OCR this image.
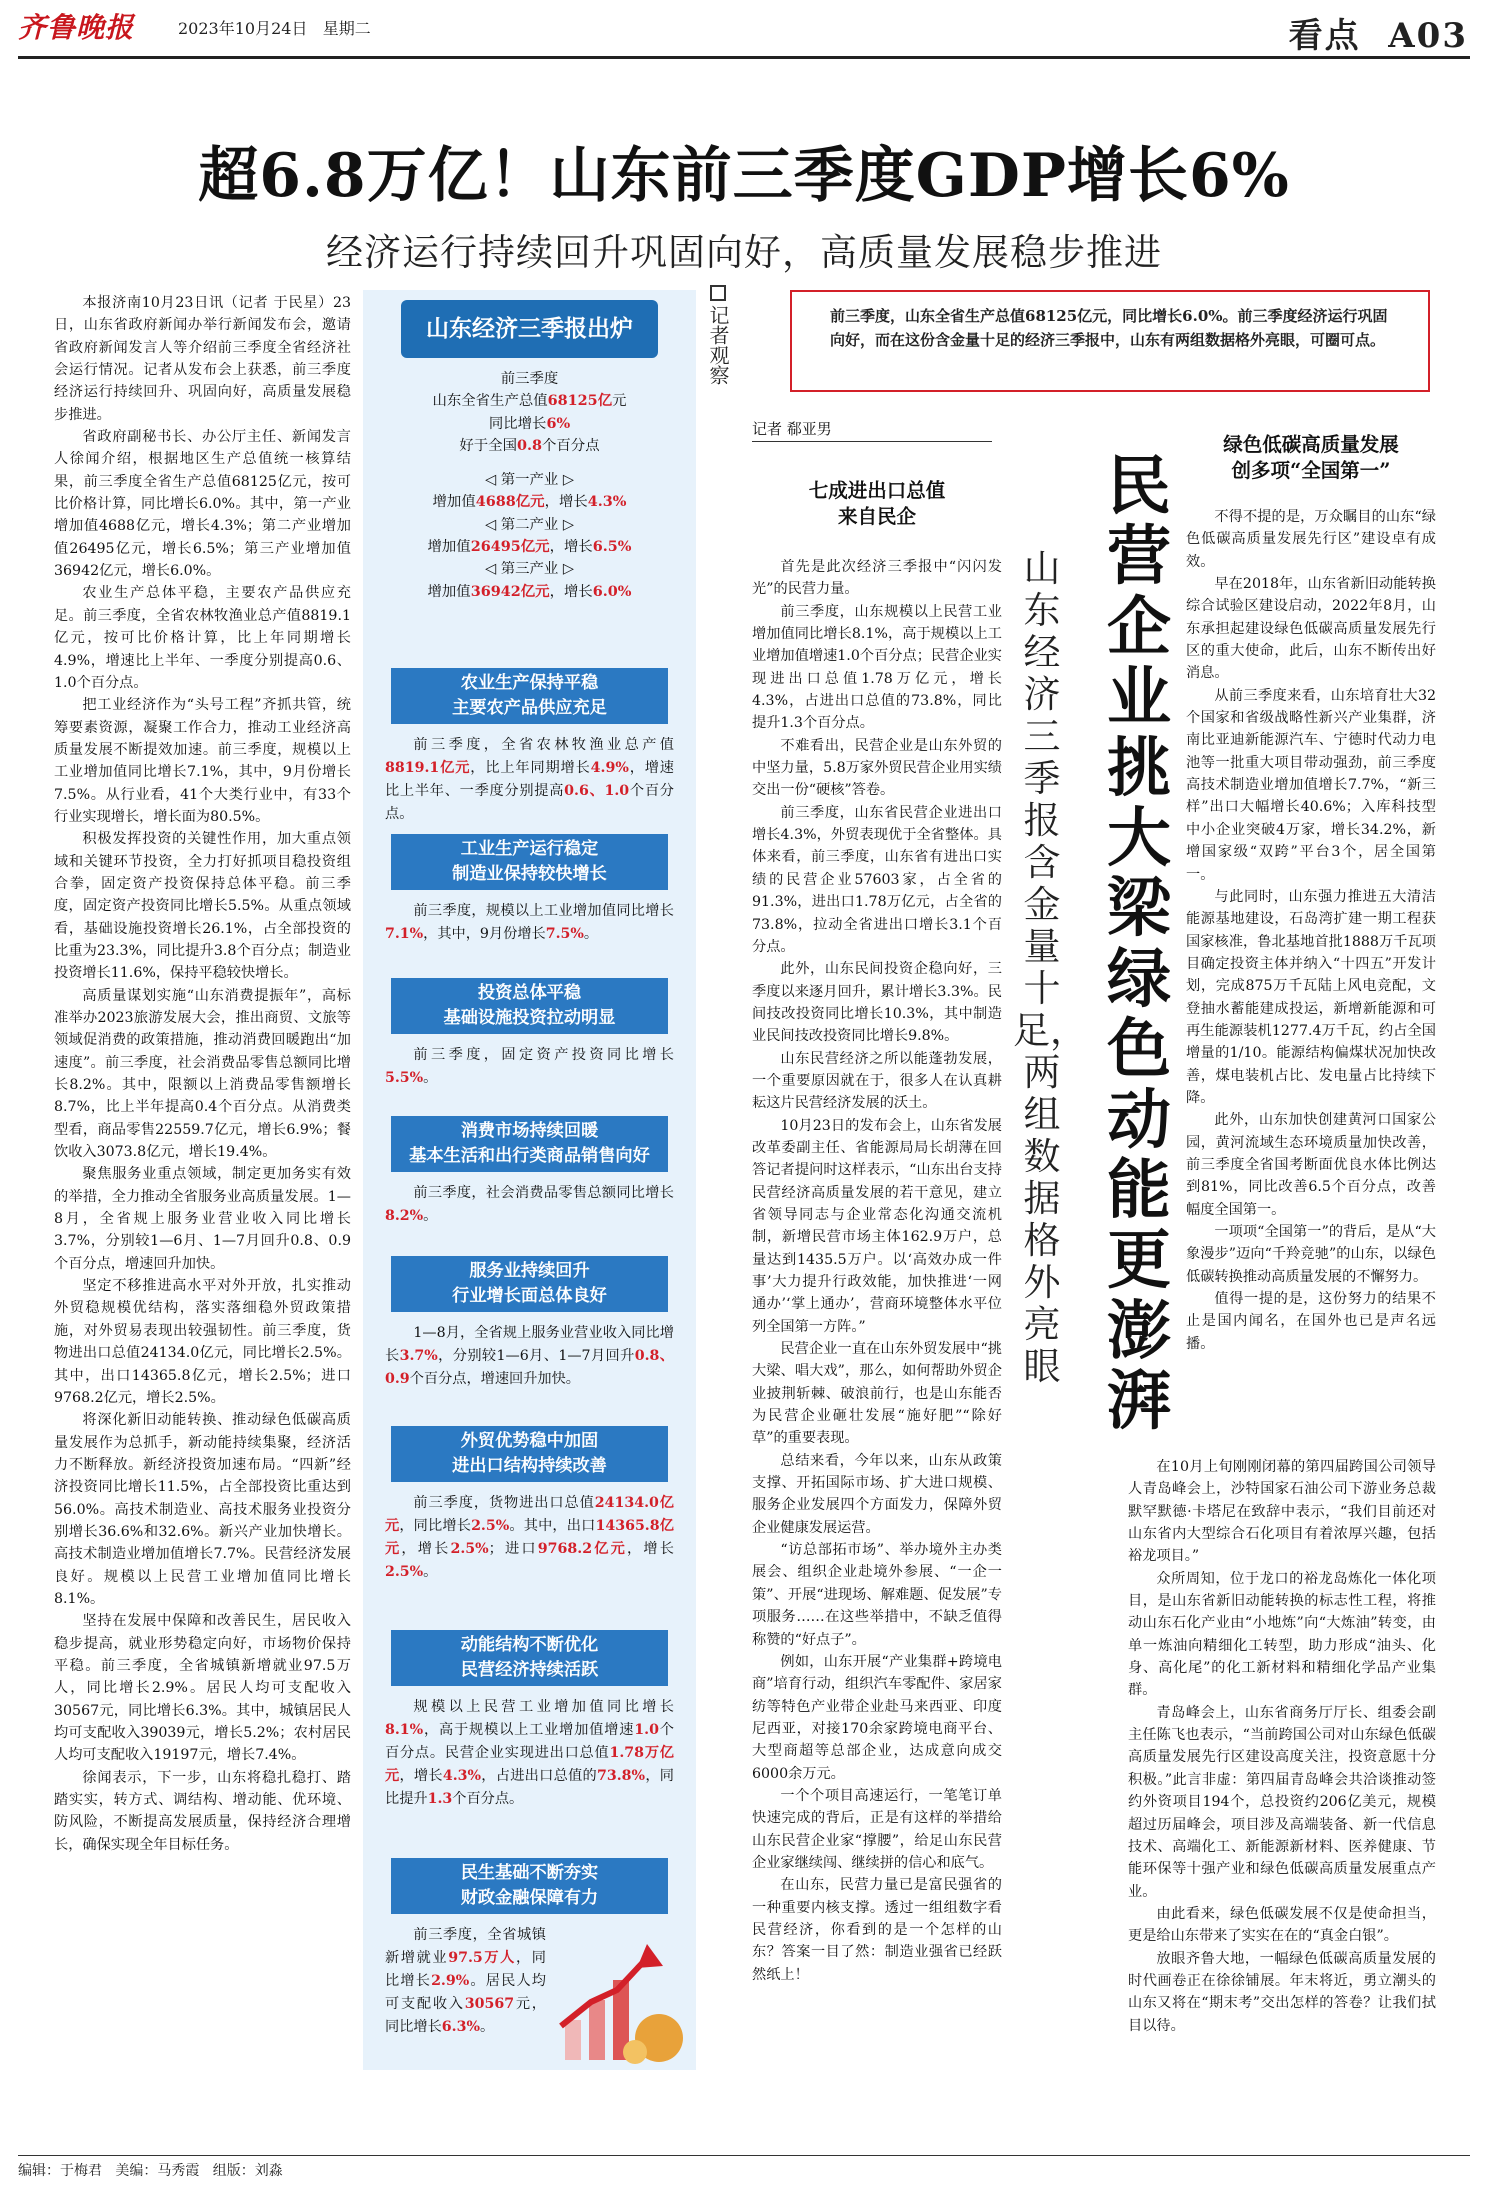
齐鲁晚报	2023年10月24日 星期二	看点 A03
超6.8万亿！山东前三季度GDP增长6%
经济运行持续回升巩固向好，高质量发展稳步推进

本报济南10月23日讯（记者 于民星）23日，山东省政府新闻办举行新闻发布会，邀请省政府新闻发言人等介绍前三季度全省经济社会运行情况。记者从发布会上获悉，前三季度经济运行持续回升、巩固向好，高质量发展稳步推进。

省政府副秘书长、办公厅主任、新闻发言人徐闻介绍，根据地区生产总值统一核算结果，前三季度全省生产总值68125亿元，按可比价格计算，同比增长6.0%。其中，第一产业增加值4688亿元，增长4.3%；第二产业增加值26495亿元，增长6.5%；第三产业增加值36942亿元，增长6.0%。

农业生产总体平稳，主要农产品供应充足。前三季度，全省农林牧渔业总产值8819.1亿元，按可比价格计算，比上年同期增长4.9%，增速比上半年、一季度分别提高0.6、1.0个百分点。

把工业经济作为“头号工程”齐抓共管，统筹要素资源，凝聚工作合力，推动工业经济高质量发展不断提效加速。前三季度，规模以上工业增加值同比增长7.1%，其中，9月份增长7.5%。从行业看，41个大类行业中，有33个行业实现增长，增长面为80.5%。

积极发挥投资的关键性作用，加大重点领域和关键环节投资，全力打好抓项目稳投资组合拳，固定资产投资保持总体平稳。前三季度，固定资产投资同比增长5.5%。从重点领域看，基础设施投资增长26.1%，占全部投资的比重为23.3%，同比提升3.8个百分点；制造业投资增长11.6%，保持平稳较快增长。

高质量谋划实施“山东消费提振年”，高标准举办2023旅游发展大会，推出商贸、文旅等领域促消费的政策措施，推动消费回暖跑出“加速度”。前三季度，社会消费品零售总额同比增长8.2%。其中，限额以上消费品零售额增长8.7%，比上半年提高0.4个百分点。从消费类型看，商品零售22559.7亿元，增长6.9%；餐饮收入3073.8亿元，增长19.4%。

聚焦服务业重点领域，制定更加务实有效的举措，全力推动全省服务业高质量发展。1—8月，全省规上服务业营业收入同比增长3.7%，分别较1—6月、1—7月回升0.8、0.9个百分点，增速回升加快。

坚定不移推进高水平对外开放，扎实推动外贸稳规模优结构，落实落细稳外贸政策措施，对外贸易表现出较强韧性。前三季度，货物进出口总值24134.0亿元，同比增长2.5%。其中，出口14365.8亿元，增长2.5%；进口9768.2亿元，增长2.5%。

将深化新旧动能转换、推动绿色低碳高质量发展作为总抓手，新动能持续集聚，经济活力不断释放。新经济投资加速布局。“四新”经济投资同比增长11.5%，占全部投资比重达到56.0%。高技术制造业、高技术服务业投资分别增长36.6%和32.6%。新兴产业加快增长。高技术制造业增加值增长7.7%。民营经济发展良好。规模以上民营工业增加值同比增长8.1%。

坚持在发展中保障和改善民生，居民收入稳步提高，就业形势稳定向好，市场物价保持平稳。前三季度，全省城镇新增就业97.5万人，同比增长2.9%。居民人均可支配收入30567元，同比增长6.3%。其中，城镇居民人均可支配收入39039元，增长5.2%；农村居民人均可支配收入19197元，增长7.4%。

徐闻表示，下一步，山东将稳扎稳打、踏踏实实，转方式、调结构、增动能、优环境、防风险，不断提高发展质量，保持经济合理增长，确保实现全年目标任务。

山东经济三季报出炉
前三季度
山东全省生产总值68125亿元
同比增长6%
好于全国0.8个百分点
◁ 第一产业 ▷
增加值4688亿元，增长4.3%
◁ 第二产业 ▷
增加值26495亿元，增长6.5%
◁ 第三产业 ▷
增加值36942亿元，增长6.0%
农业生产保持平稳
主要农产品供应充足
前三季度，全省农林牧渔业总产值8819.1亿元，比上年同期增长4.9%，增速比上半年、一季度分别提高0.6、1.0个百分点。
工业生产运行稳定
制造业保持较快增长
前三季度，规模以上工业增加值同比增长7.1%，其中，9月份增长7.5%。
投资总体平稳
基础设施投资拉动明显
前三季度，固定资产投资同比增长5.5%。
消费市场持续回暖
基本生活和出行类商品销售向好
前三季度，社会消费品零售总额同比增长8.2%。
服务业持续回升
行业增长面总体良好
1—8月，全省规上服务业营业收入同比增长3.7%，分别较1—6月、1—7月回升0.8、0.9个百分点，增速回升加快。
外贸优势稳中加固
进出口结构持续改善
前三季度，货物进出口总值24134.0亿元，同比增长2.5%。其中，出口14365.8亿元，增长2.5%；进口9768.2亿元，增长2.5%。
动能结构不断优化
民营经济持续活跃
规模以上民营工业增加值同比增长8.1%，高于规模以上工业增加值增速1.0个百分点。民营企业实现进出口总值1.78万亿元，增长4.3%，占进出口总值的73.8%，同比提升1.3个百分点。
民生基础不断夯实
财政金融保障有力
前三季度，全省城镇新增就业97.5万人，同比增长2.9%。居民人均可支配收入30567元，同比增长6.3%。
记者观察	前三季度，山东全省生产总值68125亿元，同比增长6.0%。前三季度经济运行巩固向好，而在这份含金量十足的经济三季报中，山东有两组数据格外亮眼，可圈可点。
记者 郗亚男
七成进出口总值
来自民企

首先是此次经济三季报中“闪闪发光”的民营力量。

前三季度，山东规模以上民营工业增加值同比增长8.1%，高于规模以上工业增加值增速1.0个百分点；民营企业实现进出口总值1.78万亿元，增长4.3%，占进出口总值的73.8%，同比提升1.3个百分点。

不难看出，民营企业是山东外贸的中坚力量，5.8万家外贸民营企业用实绩交出一份“硬核”答卷。

前三季度，山东省民营企业进出口增长4.3%，外贸表现优于全省整体。具体来看，前三季度，山东省有进出口实绩的民营企业57603家，占全省的91.3%，进出口1.78万亿元，占全省的73.8%，拉动全省进出口增长3.1个百分点。

此外，山东民间投资企稳向好，三季度以来逐月回升，累计增长3.3%。民间技改投资同比增长10.3%，其中制造业民间技改投资同比增长9.8%。

山东民营经济之所以能蓬勃发展，一个重要原因就在于，很多人在认真耕耘这片民营经济发展的沃土。

10月23日的发布会上，山东省发展改革委副主任、省能源局局长胡薄在回答记者提问时这样表示，“山东出台支持民营经济高质量发展的若干意见，建立省领导同志与企业常态化沟通交流机制，新增民营市场主体162.9万户，总量达到1435.5万户。以‘高效办成一件事’大力提升行政效能，加快推进‘一网通办’‘掌上通办’，营商环境整体水平位列全国第一方阵。”

民营企业一直在山东外贸发展中“挑大梁、唱大戏”，那么，如何帮助外贸企业披荆斩棘、破浪前行，也是山东能否为民营企业砸壮发展“施好肥”“除好草”的重要表现。

总结来看，今年以来，山东从政策支撑、开拓国际市场、扩大进口规模、服务企业发展四个方面发力，保障外贸企业健康发展运营。

“访总部拓市场”、举办境外主办类展会、组织企业赴境外参展、“一企一策”、开展“进现场、解难题、促发展”专项服务……在这些举措中，不缺乏值得称赞的“好点子”。

例如，山东开展“产业集群+跨境电商”培育行动，组织汽车零配件、家居家纺等特色产业带企业赴马来西亚、印度尼西亚，对接170余家跨境电商平台、大型商超等总部企业，达成意向成交6000余万元。

一个个项目高速运行，一笔笔订单快速完成的背后，正是有这样的举措给山东民营企业家“撑腰”，给足山东民营企业家继续闯、继续拼的信心和底气。

在山东，民营力量已是富民强省的一种重要内核支撑。透过一组组数字看民营经济，你看到的是一个怎样的山东？答案一目了然：制造业强省已经跃然纸上！

山东经济三季报含金量十足，两组数据格外亮眼
民营企业挑大梁 绿色动能更澎湃
绿色低碳高质量发展
创多项“全国第一”

不得不提的是，万众瞩目的山东“绿色低碳高质量发展先行区”建设卓有成效。

早在2018年，山东省新旧动能转换综合试验区建设启动，2022年8月，山东承担起建设绿色低碳高质量发展先行区的重大使命，此后，山东不断传出好消息。

从前三季度来看，山东培育壮大32个国家和省级战略性新兴产业集群，济南比亚迪新能源汽车、宁德时代动力电池等一批重大项目带动强劲，前三季度高技术制造业增加值增长7.7%，“新三样”出口大幅增长40.6%；入库科技型中小企业突破4万家，增长34.2%，新增国家级“双跨”平台3个，居全国第一。

与此同时，山东强力推进五大清洁能源基地建设，石岛湾扩建一期工程获国家核准，鲁北基地首批1888万千瓦项目确定投资主体并纳入“十四五”开发计划，完成875万千瓦陆上风电竞配，文登抽水蓄能建成投运，新增新能源和可再生能源装机1277.4万千瓦，约占全国增量的1/10。能源结构偏煤状况加快改善，煤电装机占比、发电量占比持续下降。

此外，山东加快创建黄河口国家公园，黄河流域生态环境质量加快改善，前三季度全省国考断面优良水体比例达到81%，同比改善6.5个百分点，改善幅度全国第一。

一项项“全国第一”的背后，是从“大象漫步”迈向“千羚竞驰”的山东，以绿色低碳转换推动高质量发展的不懈努力。

值得一提的是，这份努力的结果不止是国内闻名，在国外也已是声名远播。

在10月上旬刚刚闭幕的第四届跨国公司领导人青岛峰会上，沙特国家石油公司下游业务总裁默罕默德·卡塔尼在致辞中表示，“我们目前还对山东省内大型综合石化项目有着浓厚兴趣，包括裕龙项目。”

众所周知，位于龙口的裕龙岛炼化一体化项目，是山东省新旧动能转换的标志性工程，将推动山东石化产业由“小地炼”向“大炼油”转变，由单一炼油向精细化工转型，助力形成“油头、化身、高化尾”的化工新材料和精细化学品产业集群。

青岛峰会上，山东省商务厅厅长、组委会副主任陈飞也表示，“当前跨国公司对山东绿色低碳高质量发展先行区建设高度关注，投资意愿十分积极。”此言非虚：第四届青岛峰会共洽谈推动签约外资项目194个，总投资约206亿美元，规模超过历届峰会，项目涉及高端装备、新一代信息技术、高端化工、新能源新材料、医养健康、节能环保等十强产业和绿色低碳高质量发展重点产业。

由此看来，绿色低碳发展不仅是使命担当，更是给山东带来了实实在在的“真金白银”。

放眼齐鲁大地，一幅绿色低碳高质量发展的时代画卷正在徐徐铺展。年末将近，勇立潮头的山东又将在“期末考”交出怎样的答卷？让我们拭目以待。

编辑：于梅君 美编：马秀霞 组版：刘淼
